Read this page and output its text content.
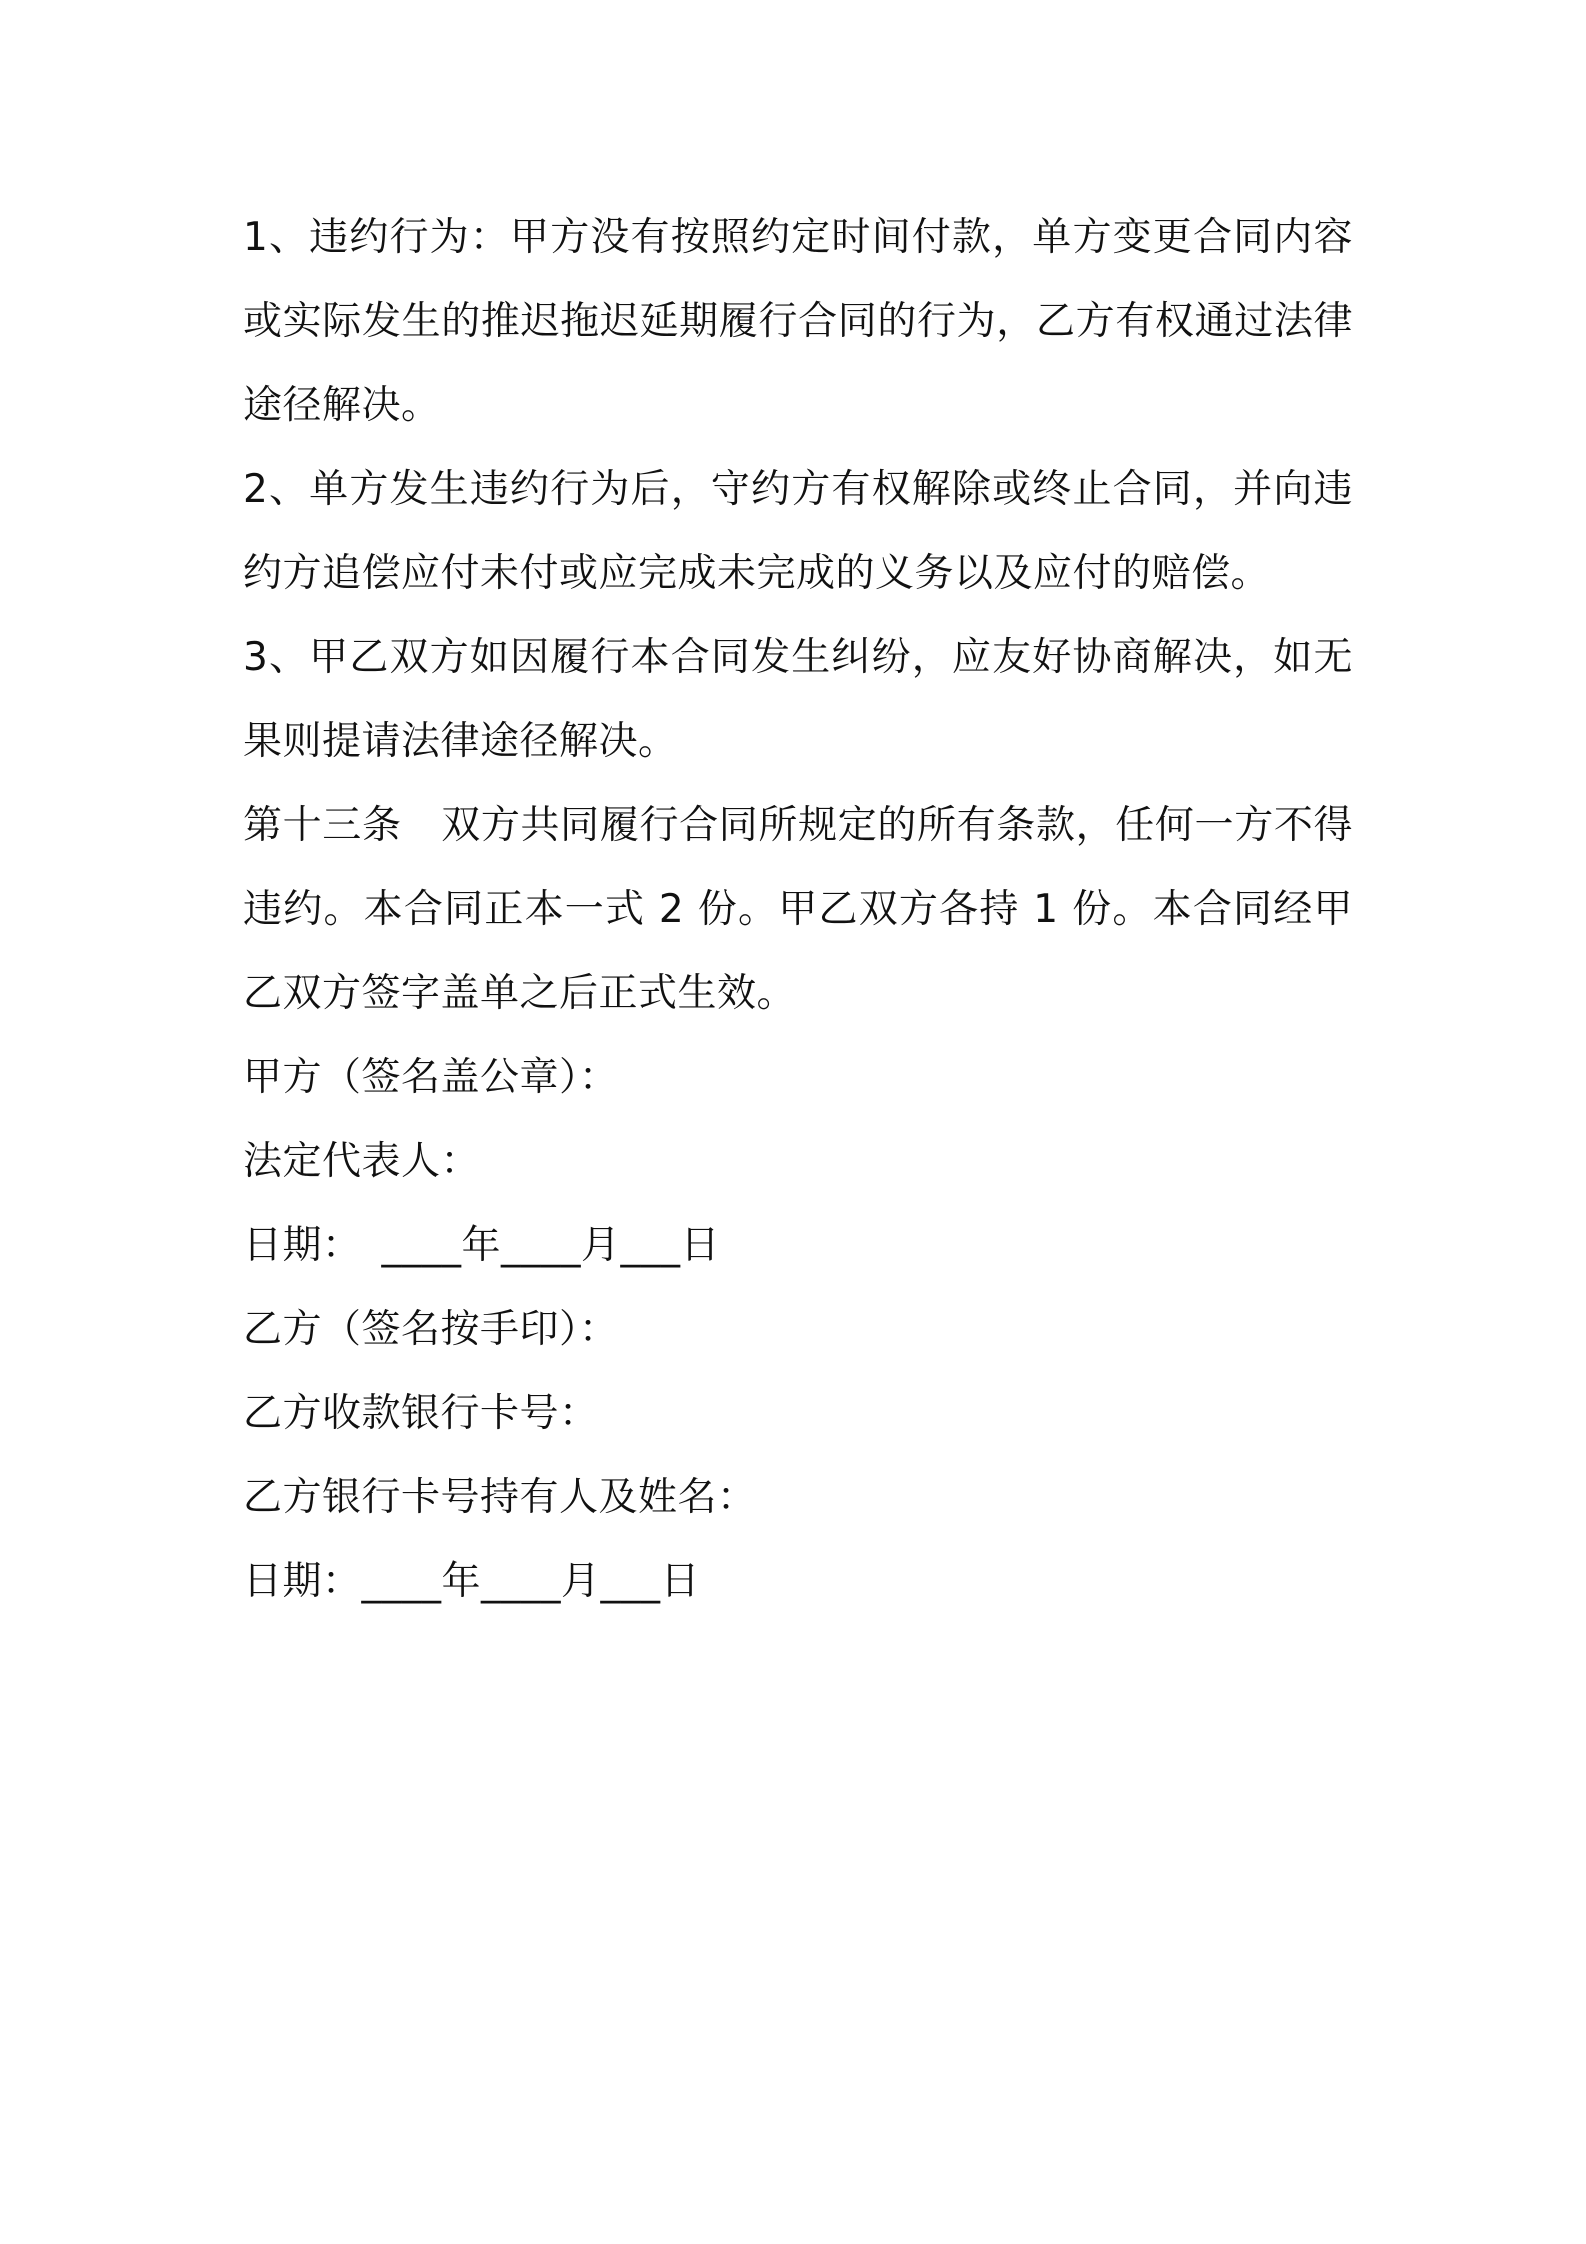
1、违约行为：甲方没有按照约定时间付款，单方变更合同内容或实际发生的推迟拖迟延期履行合同的行为，乙方有权通过法律途径解决。

2、单方发生违约行为后，守约方有权解除或终止合同，并向违约方追偿应付未付或应完成未完成的义务以及应付的赔偿。

3、甲乙双方如因履行本合同发生纠纷，应友好协商解决，如无果则提请法律途径解决。

第十三条　双方共同履行合同所规定的所有条款，任何一方不得违约。本合同正本一式 2 份。甲乙双方各持 1 份。本合同经甲乙双方签字盖单之后正式生效。

甲方（签名盖公章）：

法定代表人：

日期：　____年____月___日

乙方（签名按手印）：

乙方收款银行卡号：

乙方银行卡号持有人及姓名：

日期：____年____月___日
